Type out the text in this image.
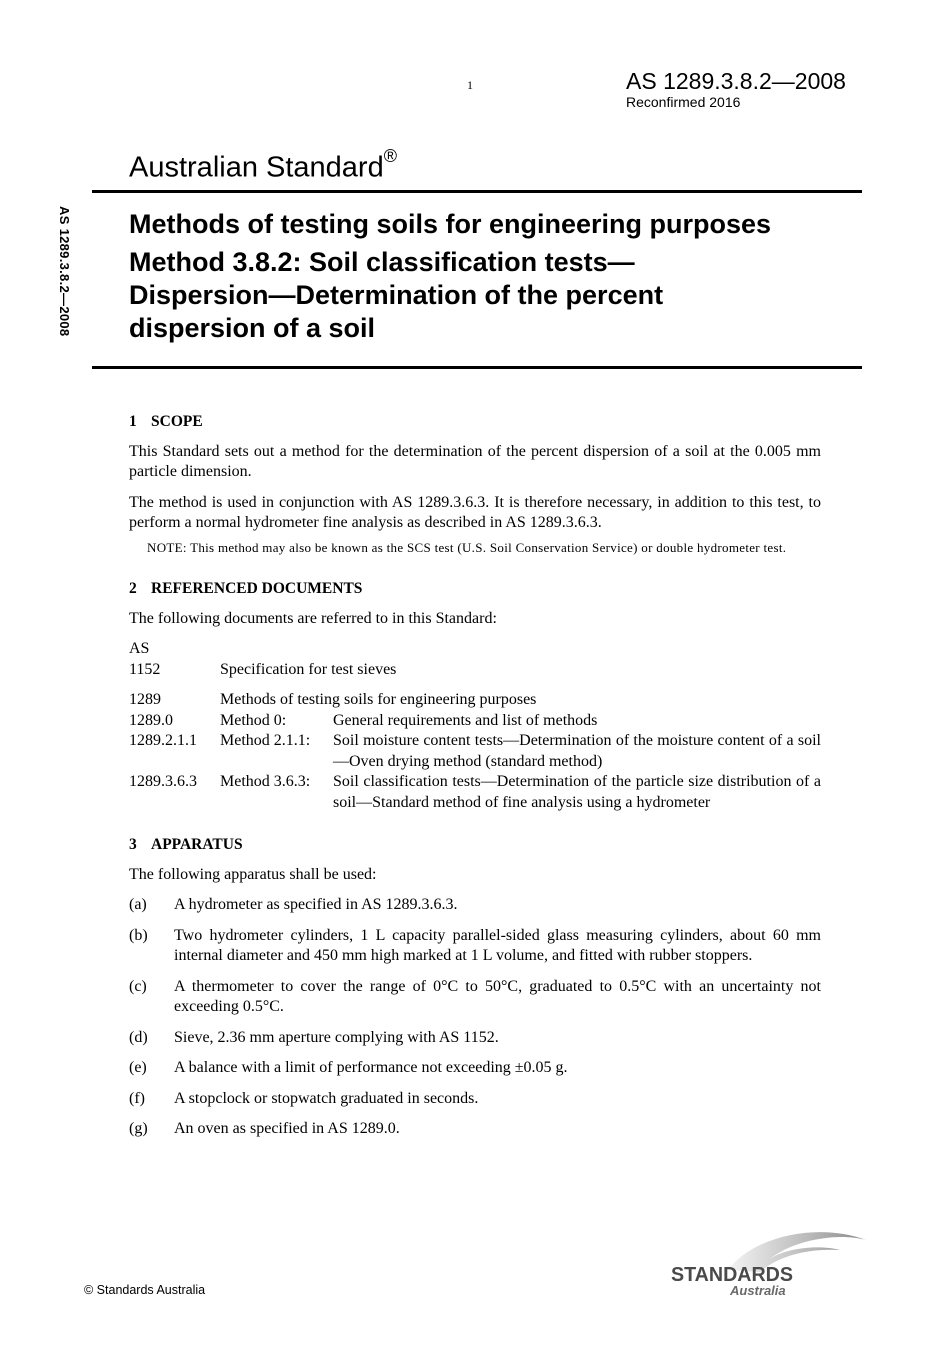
1	AS 1289.3.8.2—2008
Reconfirmed 2016
AS 1289.3.8.2—2008
Australian Standard®
Methods of testing soils for engineering purposes
Method 3.8.2: Soil classification tests—
Dispersion—Determination of the percent
dispersion of a soil
1 SCOPE

This Standard sets out a method for the determination of the percent dispersion of a soil at the 0.005 mm particle dimension.

The method is used in conjunction with AS 1289.3.6.3. It is therefore necessary, in addition to this test, to perform a normal hydrometer fine analysis as described in AS 1289.3.6.3.

NOTE: This method may also be known as the SCS test (U.S. Soil Conservation Service) or double hydrometer test.
2 REFERENCED DOCUMENTS

The following documents are referred to in this Standard:

AS
1152	Specification for test sieves	
1289	Methods of testing soils for engineering purposes	
1289.0	Method 0:	General requirements and list of methods
1289.2.1.1	Method 2.1.1:	Soil moisture content tests—Determination of the moisture content of a soil—Oven drying method (standard method)
1289.3.6.3	Method 3.6.3:	Soil classification tests—Determination of the particle size distribution of a soil—Standard method of fine analysis using a hydrometer
3 APPARATUS

The following apparatus shall be used:

(a)	A hydrometer as specified in AS 1289.3.6.3.
(b)	Two hydrometer cylinders, 1 L capacity parallel-sided glass measuring cylinders, about 60 mm internal diameter and 450 mm high marked at 1 L volume, and fitted with rubber stoppers.
(c)	A thermometer to cover the range of 0°C to 50°C, graduated to 0.5°C with an uncertainty not exceeding 0.5°C.
(d)	Sieve, 2.36 mm aperture complying with AS 1152.
(e)	A balance with a limit of performance not exceeding ±0.05 g.
(f)	A stopclock or stopwatch graduated in seconds.
(g)	An oven as specified in AS 1289.0.
© Standards Australia
STANDARDS
Australia
